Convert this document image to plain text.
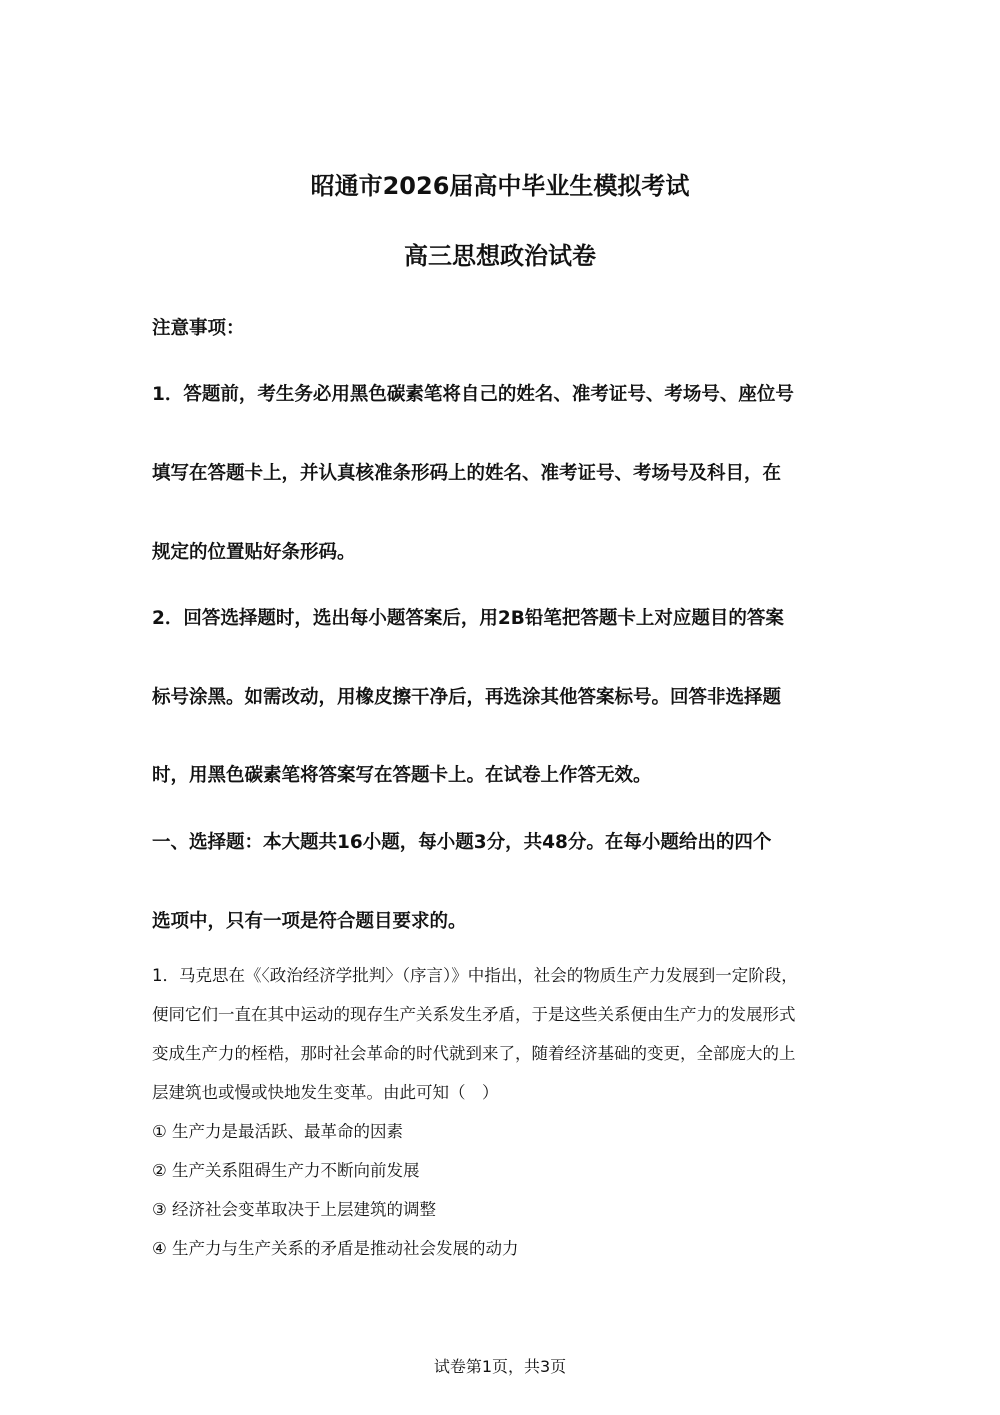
昭通市2026届高中毕业生模拟考试
高三思想政治试卷

注意事项：

1．答题前，考生务必用黑色碳素笔将自己的姓名、准考证号、考场号、座位号

填写在答题卡上，并认真核准条形码上的姓名、准考证号、考场号及科目，在

规定的位置贴好条形码。

2．回答选择题时，选出每小题答案后，用2B铅笔把答题卡上对应题目的答案

标号涂黑。如需改动，用橡皮擦干净后，再选涂其他答案标号。回答非选择题

时，用黑色碳素笔将答案写在答题卡上。在试卷上作答无效。

一、选择题：本大题共16小题，每小题3分，共48分。在每小题给出的四个

选项中，只有一项是符合题目要求的。

1．马克思在《〈政治经济学批判〉（序言）》中指出，社会的物质生产力发展到一定阶段，

便同它们一直在其中运动的现存生产关系发生矛盾，于是这些关系便由生产力的发展形式

变成生产力的桎梏，那时社会革命的时代就到来了，随着经济基础的变更，全部庞大的上

层建筑也或慢或快地发生变革。由此可知（　）

① 生产力是最活跃、最革命的因素

② 生产关系阻碍生产力不断向前发展

③ 经济社会变革取决于上层建筑的调整

④ 生产力与生产关系的矛盾是推动社会发展的动力

试卷第1页，共3页
